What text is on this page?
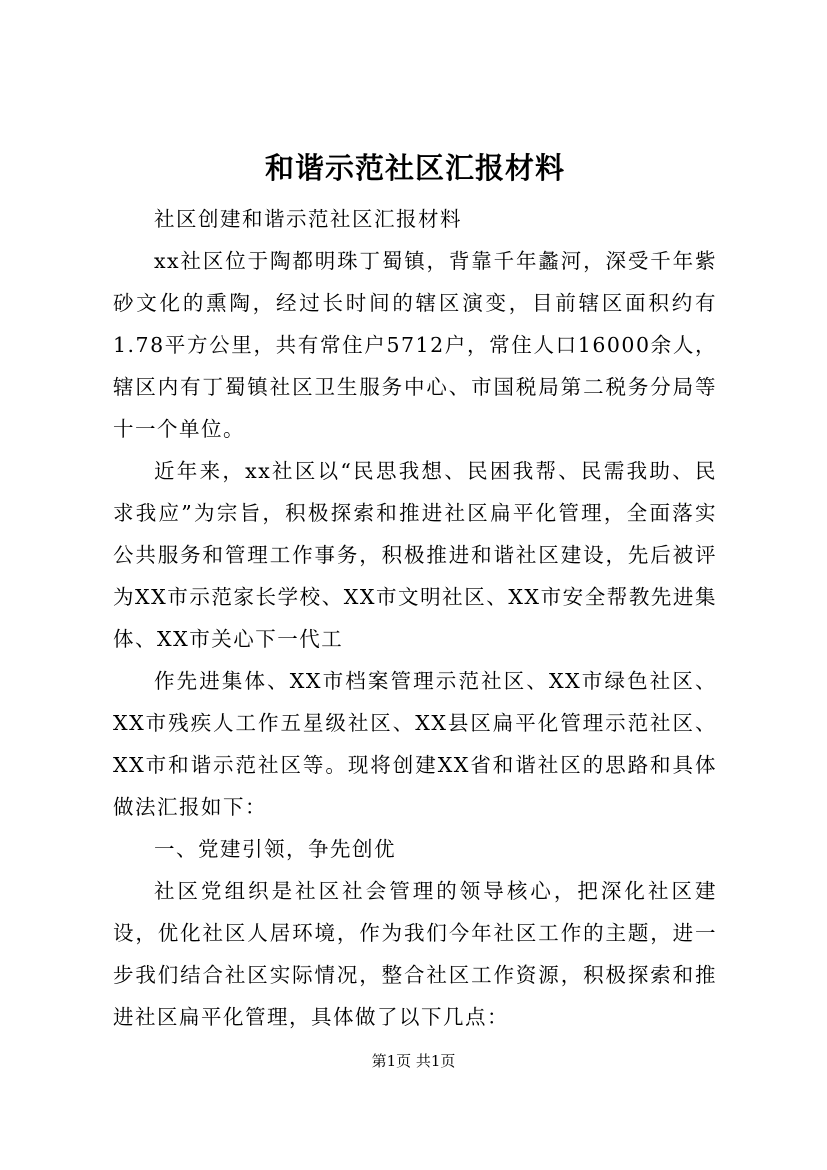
和谐示范社区汇报材料

社区创建和谐示范社区汇报材料

xx社区位于陶都明珠丁蜀镇，背靠千年蠡河，深受千年紫砂文化的熏陶，经过长时间的辖区演变，目前辖区面积约有1.78平方公里，共有常住户5712户，常住人口16000余人，辖区内有丁蜀镇社区卫生服务中心、市国税局第二税务分局等十一个单位。

近年来，xx社区以“民思我想、民困我帮、民需我助、民求我应”为宗旨，积极探索和推进社区扁平化管理，全面落实公共服务和管理工作事务，积极推进和谐社区建设，先后被评为XX市示范家长学校、XX市文明社区、XX市安全帮教先进集体、XX市关心下一代工

作先进集体、XX市档案管理示范社区、XX市绿色社区、XX市残疾人工作五星级社区、XX县区扁平化管理示范社区、XX市和谐示范社区等。现将创建XX省和谐社区的思路和具体做法汇报如下：

一、党建引领，争先创优

社区党组织是社区社会管理的领导核心，把深化社区建设，优化社区人居环境，作为我们今年社区工作的主题，进一步我们结合社区实际情况，整合社区工作资源，积极探索和推进社区扁平化管理，具体做了以下几点：

第1页 共1页
